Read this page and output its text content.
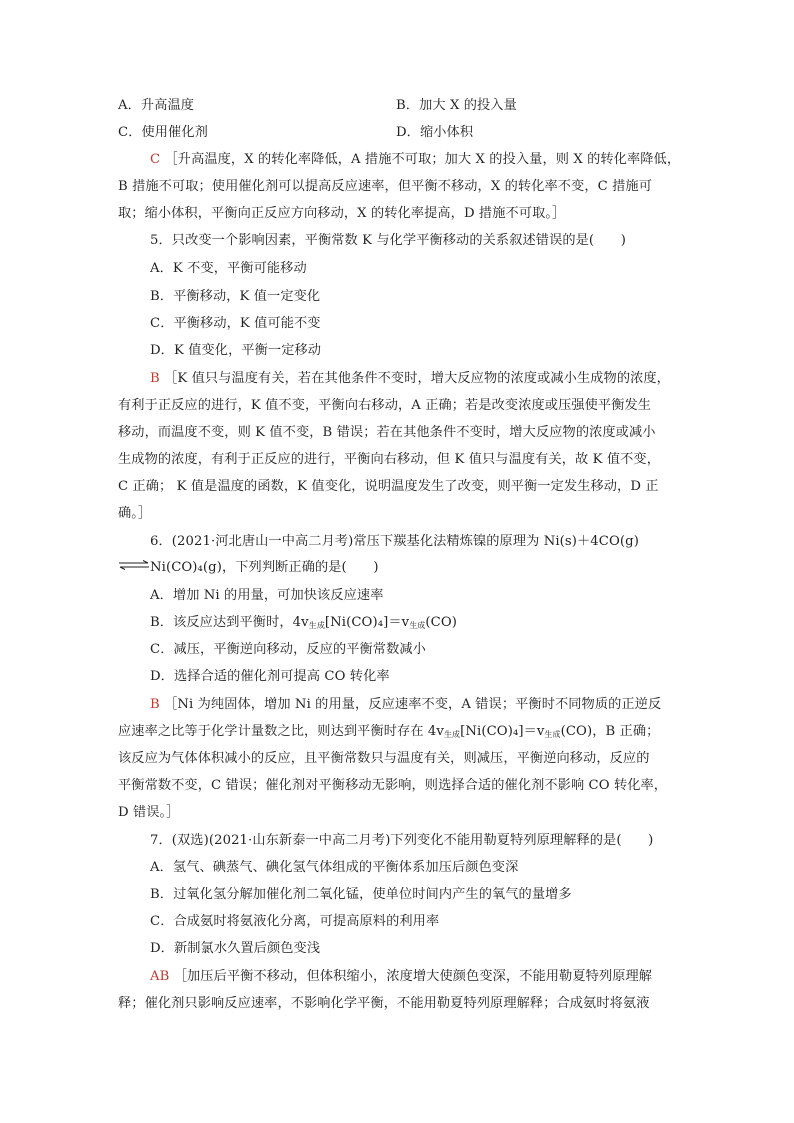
A．升高温度	B．加大 X 的投入量
C．使用催化剂	D．缩小体积
C ［升高温度，X 的转化率降低，A 措施不可取；加大 X 的投入量，则 X 的转化率降低，
B 措施不可取；使用催化剂可以提高反应速率，但平衡不移动，X 的转化率不变，C 措施可
取；缩小体积，平衡向正反应方向移动，X 的转化率提高，D 措施不可取。］
5．只改变一个影响因素，平衡常数 K 与化学平衡移动的关系叙述错误的是(　　)
A．K 不变，平衡可能移动
B．平衡移动，K 值一定变化
C．平衡移动，K 值可能不变
D．K 值变化，平衡一定移动
B ［K 值只与温度有关，若在其他条件不变时，增大反应物的浓度或减小生成物的浓度，
有利于正反应的进行，K 值不变，平衡向右移动，A 正确；若是改变浓度或压强使平衡发生
移动，而温度不变，则 K 值不变，B 错误；若在其他条件不变时，增大反应物的浓度或减小
生成物的浓度，有利于正反应的进行，平衡向右移动，但 K 值只与温度有关，故 K 值不变，
C 正确； K 值是温度的函数，K 值变化，说明温度发生了改变，则平衡一定发生移动，D 正
确。］
6．(2021·河北唐山一中高二月考)常压下羰基化法精炼镍的原理为 Ni(s)＋4CO(g)
⇌Ni(CO)₄(g)，下列判断正确的是(　　)
A．增加 Ni 的用量，可加快该反应速率
B．该反应达到平衡时，$4v_{生成}[Ni(CO)_4]=v_{生成}(CO)$
C．减压，平衡逆向移动，反应的平衡常数减小
D．选择合适的催化剂可提高 CO 转化率
B ［Ni 为纯固体，增加 Ni 的用量，反应速率不变，A 错误；平衡时不同物质的正逆反
应速率之比等于化学计量数之比，则达到平衡时存在 $4v_{生成}[Ni(CO)_4]=v_{生成}(CO)$，B 正确；
该反应为气体体积减小的反应，且平衡常数只与温度有关，则减压，平衡逆向移动，反应的
平衡常数不变，C 错误；催化剂对平衡移动无影响，则选择合适的催化剂不影响 CO 转化率，
D 错误。］
7．(双选)(2021·山东新泰一中高二月考)下列变化不能用勒夏特列原理解释的是(　　)
A．氢气、碘蒸气、碘化氢气体组成的平衡体系加压后颜色变深
B．过氧化氢分解加催化剂二氧化锰，使单位时间内产生的氧气的量增多
C．合成氨时将氨液化分离，可提高原料的利用率
D．新制氯水久置后颜色变浅
AB ［加压后平衡不移动，但体积缩小，浓度增大使颜色变深，不能用勒夏特列原理解
释；催化剂只影响反应速率，不影响化学平衡，不能用勒夏特列原理解释；合成氨时将氨液
